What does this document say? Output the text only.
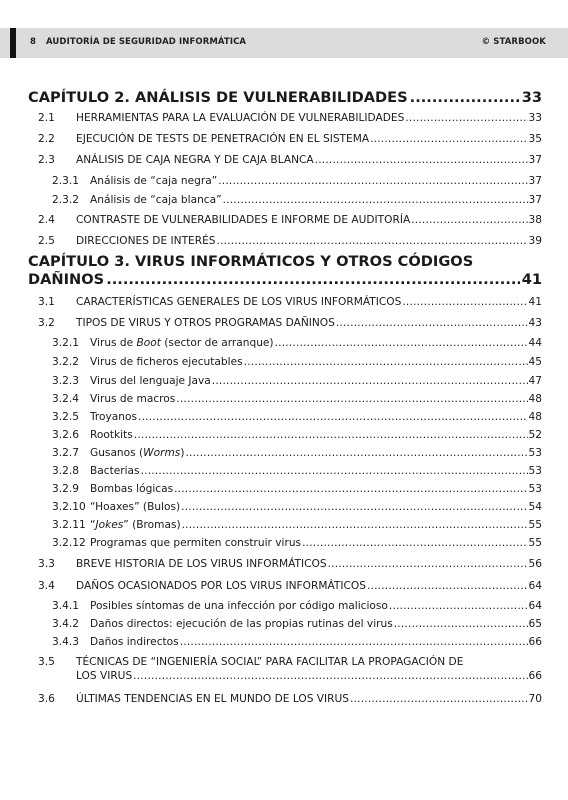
8 AUDITORÍA DE SEGURIDAD INFORMÁTICA	© STARBOOK
CAPÍTULO 2. ANÁLISIS DE VULNERABILIDADES .....	33
2.1	HERRAMIENTAS PARA LA EVALUACIÓN DE VULNERABILIDADES .....	33
2.2	EJECUCIÓN DE TESTS DE PENETRACIÓN EN EL SISTEMA .....	35
2.3	ANÁLISIS DE CAJA NEGRA Y DE CAJA BLANCA .....	37
2.3.1	Análisis de “caja negra” .....	37
2.3.2	Análisis de “caja blanca” .....	37
2.4	CONTRASTE DE VULNERABILIDADES E INFORME DE AUDITORÍA .....	38
2.5	DIRECCIONES DE INTERÉS .....	39
CAPÍTULO 3. VIRUS INFORMÁTICOS Y OTROS CÓDIGOS
DAÑINOS .....	41
3.1	CARACTERÍSTICAS GENERALES DE LOS VIRUS INFORMÁTICOS .....	41
3.2	TIPOS DE VIRUS Y OTROS PROGRAMAS DAÑINOS .....	43
3.2.1	Virus de Boot (sector de arranque) .....	44
3.2.2	Virus de ficheros ejecutables .....	45
3.2.3	Virus del lenguaje Java .....	47
3.2.4	Virus de macros .....	48
3.2.5	Troyanos .....	48
3.2.6	Rootkits .....	52
3.2.7	Gusanos (Worms) .....	53
3.2.8	Bacterias .....	53
3.2.9	Bombas lógicas .....	53
3.2.10 “Hoaxes” (Bulos) .....	54
3.2.11 “Jokes” (Bromas) .....	55
3.2.12 Programas que permiten construir virus .....	55
3.3	BREVE HISTORIA DE LOS VIRUS INFORMÁTICOS .....	56
3.4	DAÑOS OCASIONADOS POR LOS VIRUS INFORMÁTICOS .....	64
3.4.1	Posibles síntomas de una infección por código malicioso .....	64
3.4.2	Daños directos: ejecución de las propias rutinas del virus .....	65
3.4.3	Daños indirectos .....	66
3.5	TÉCNICAS DE “INGENIERÍA SOCIAL” PARA FACILITAR LA PROPAGACIÓN DE
LOS VIRUS .....	66
3.6	ÚLTIMAS TENDENCIAS EN EL MUNDO DE LOS VIRUS .....	70
